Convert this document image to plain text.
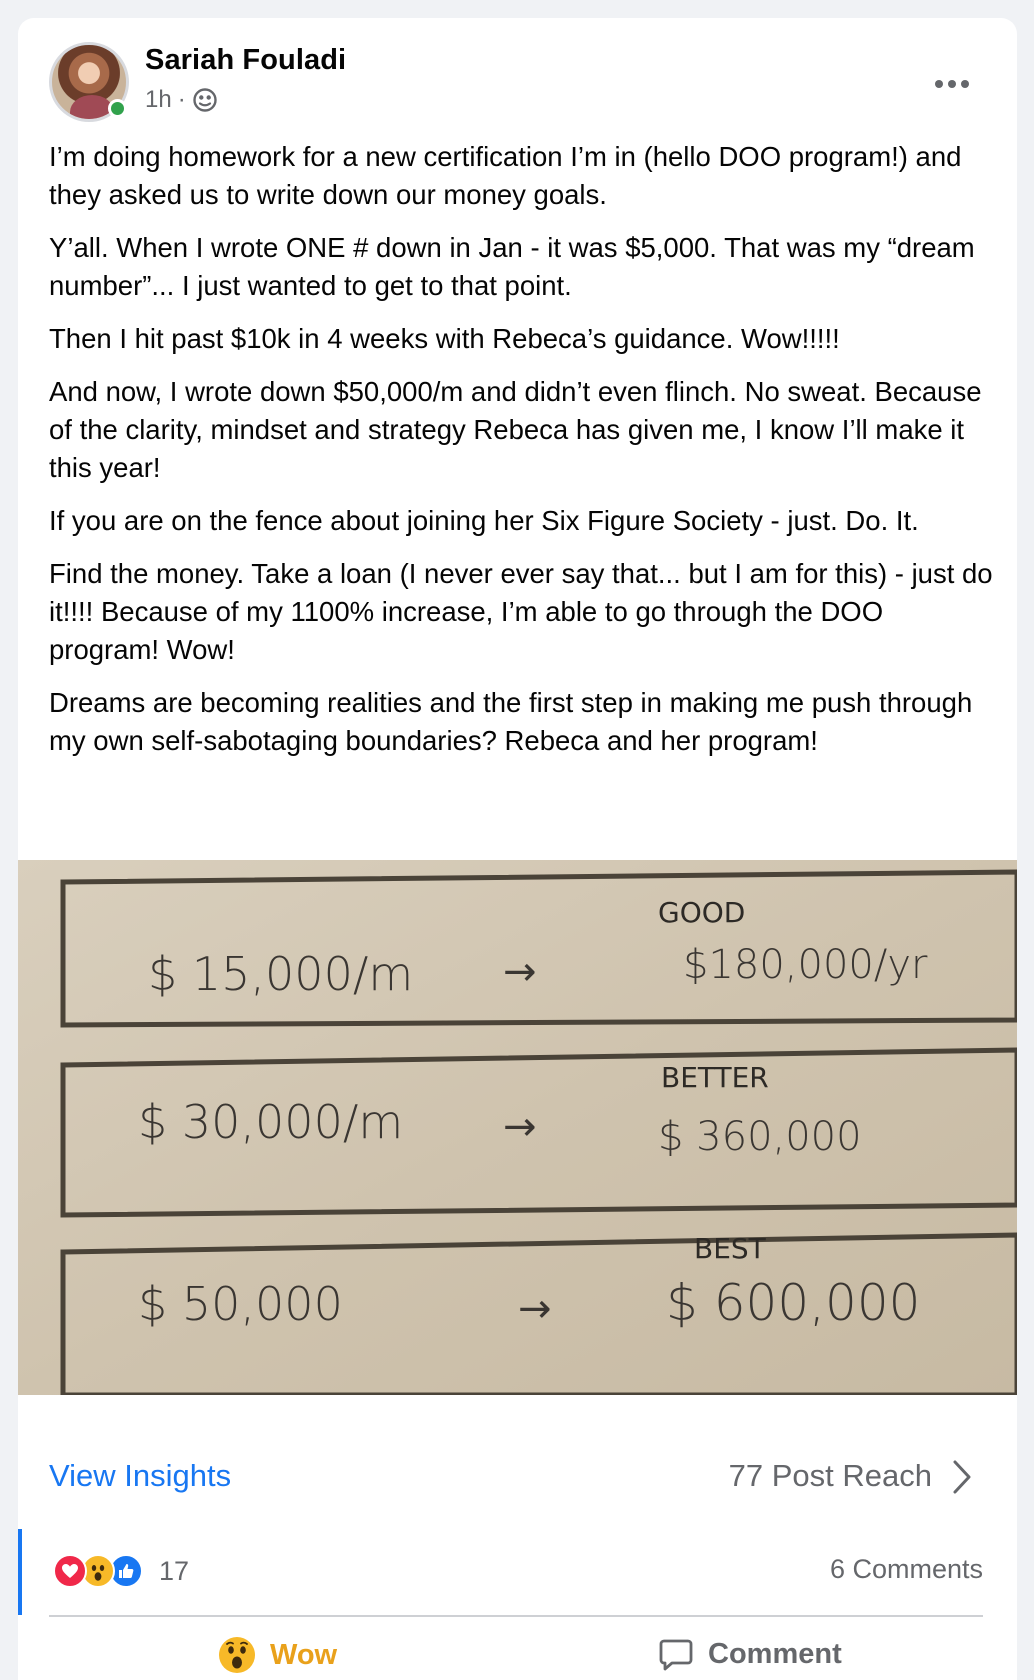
Sariah Fouladi
1h ·

I’m doing homework for a new certification I’m in (hello DOO program!) and they asked us to write down our money goals.

Y’all. When I wrote ONE # down in Jan - it was $5,000. That was my “dream number”... I just wanted to get to that point.

Then I hit past $10k in 4 weeks with Rebeca’s guidance. Wow!!!!!

And now, I wrote down $50,000/m and didn’t even flinch. No sweat. Because of the clarity, mindset and strategy Rebeca has given me, I know I’ll make it this year!

If you are on the fence about joining her Six Figure Society - just. Do. It.

Find the money. Take a loan (I never ever say that... but I am for this) - just do it!!!! Because of my 1100% increase, I’m able to go through the DOO program! Wow!

Dreams are becoming realities and the first step in making me push through my own self-sabotaging boundaries? Rebeca and her program!

GOOD
$ 15,000/m →	$180,000/yr
BETTER
$ 30,000/m →	$ 360,000
BEST
$ 50,000	→ $ 600,000
View Insights	77 Post Reach
17	6 Comments
Wow	Comment
